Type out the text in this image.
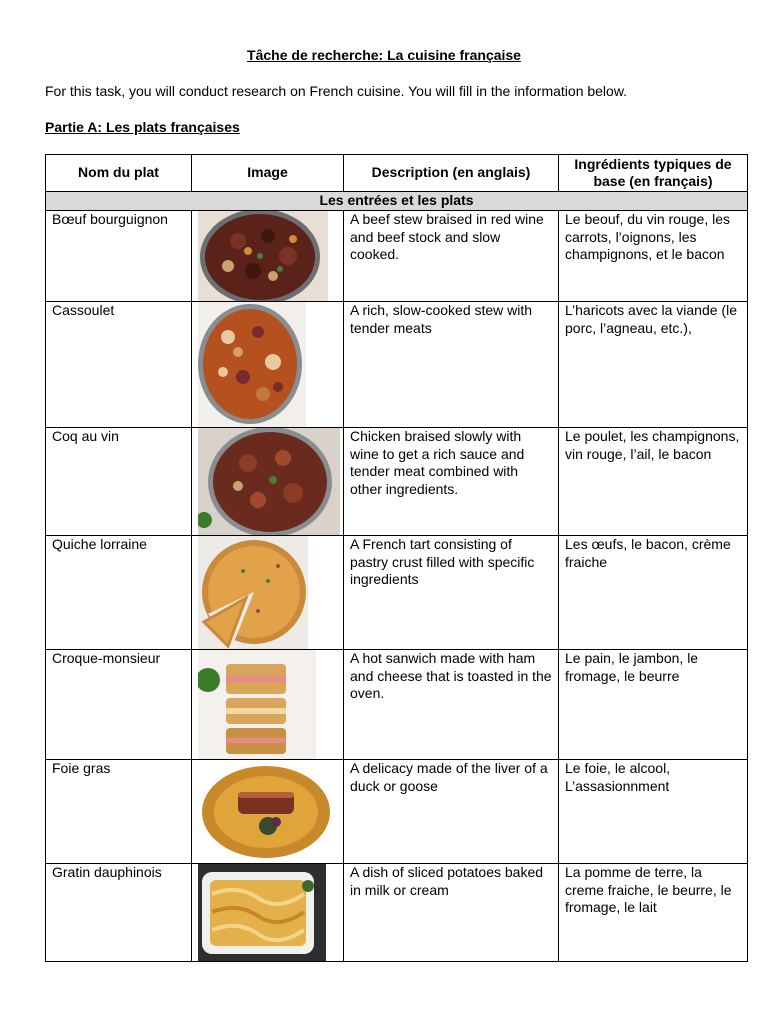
Tâche de recherche: La cuisine française
For this task, you will conduct research on French cuisine. You will fill in the information below.
Partie A: Les plats françaises
Nom du plat	Image	Description (en anglais)	Ingrédients typiques de base (en français)
Les entrées et les plats			
Bœuf bourguignon		A beef stew braised in red wine and beef stock and slow cooked.	Le beouf, du vin rouge, les carrots, l’oignons, les champignons, et le bacon
Cassoulet		A rich, slow-cooked stew with tender meats	L’haricots avec la viande (le porc, l’agneau, etc.),
Coq au vin		Chicken braised slowly with wine to get a rich sauce and tender meat combined with other ingredients.	Le poulet, les champignons, vin rouge, l’ail, le bacon
Quiche lorraine		A French tart consisting of pastry crust filled with specific ingredients	Les œufs, le bacon, crème fraiche
Croque-monsieur		A hot sanwich made with ham and cheese that is toasted in the oven.	Le pain, le jambon, le fromage, le beurre
Foie gras		A delicacy made of the liver of a duck or goose	Le foie, le alcool, L’assasionnment
Gratin dauphinois		A dish of sliced potatoes baked in milk or cream	La pomme de terre, la creme fraiche, le beurre, le fromage, le lait
